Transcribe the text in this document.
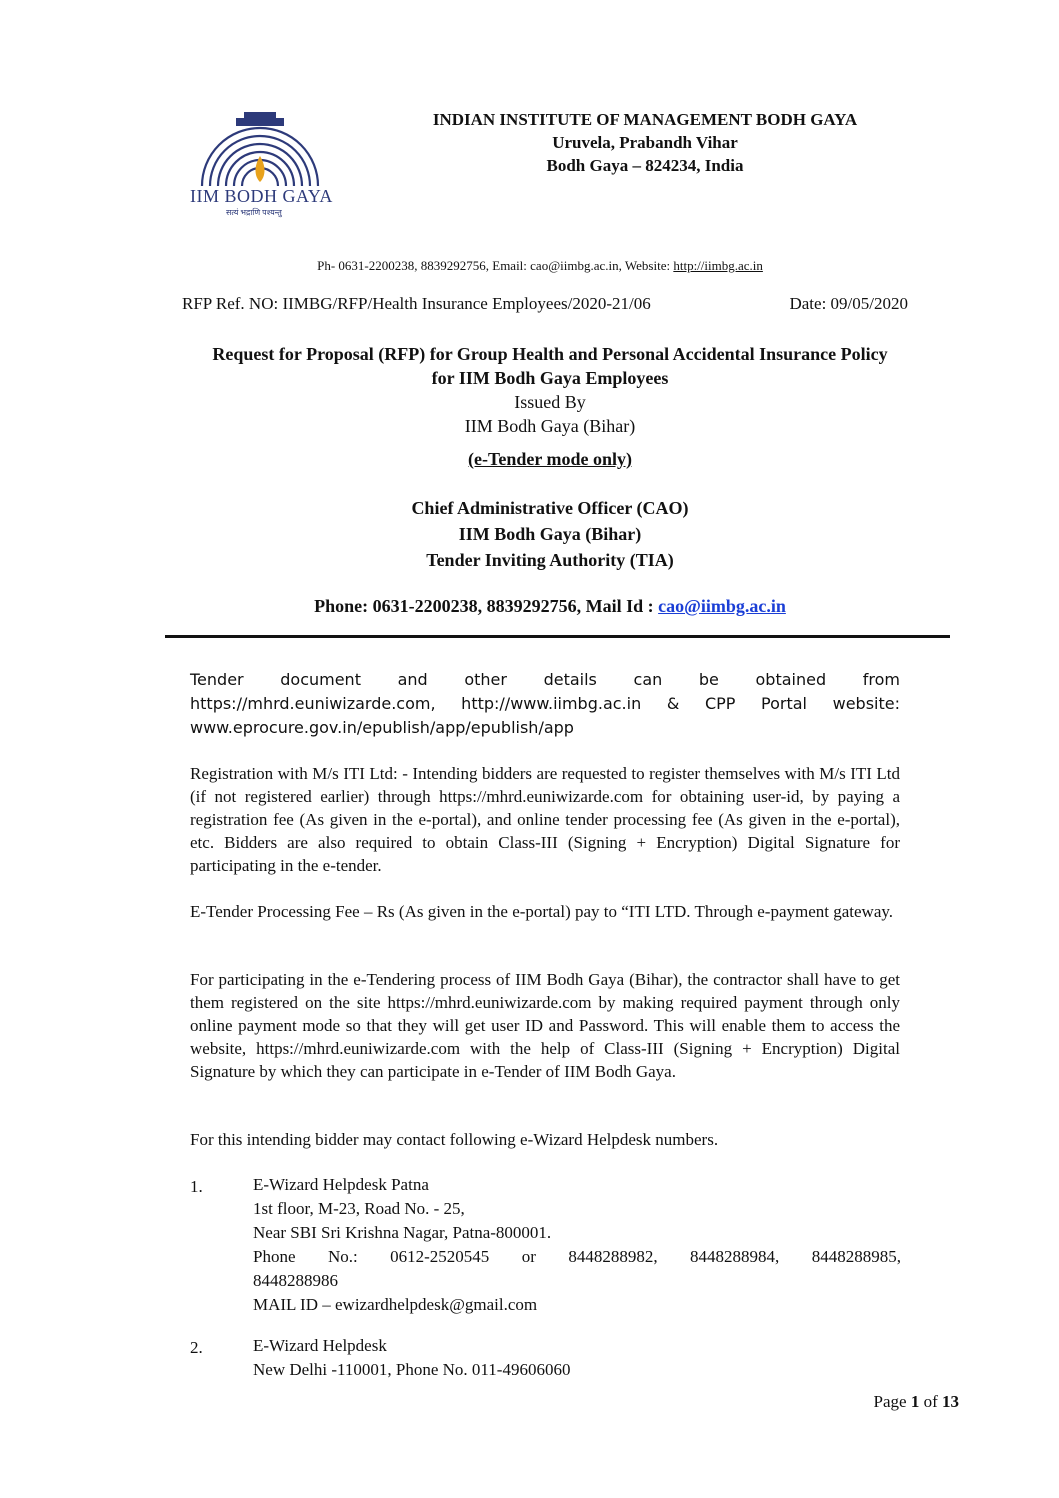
IIM BODH GAYA
सत्यं भद्राणि पश्यन्तु
INDIAN INSTITUTE OF MANAGEMENT BODH GAYA
Uruvela, Prabandh Vihar
Bodh Gaya – 824234, India
Ph- 0631-2200238, 8839292756, Email: cao@iimbg.ac.in, Website: http://iimbg.ac.in
RFP Ref. NO: IIMBG/RFP/Health Insurance Employees/2020-21/06	Date: 09/05/2020
Request for Proposal (RFP) for Group Health and Personal Accidental Insurance Policy
for IIM Bodh Gaya Employees
Issued By
IIM Bodh Gaya (Bihar)
(e-Tender mode only)
Chief Administrative Officer (CAO)
IIM Bodh Gaya (Bihar)
Tender Inviting Authority (TIA)
Phone: 0631-2200238, 8839292756, Mail Id : cao@iimbg.ac.in
Tender document and other details can be obtained from
https://mhrd.euniwizarde.com, http://www.iimbg.ac.in & CPP Portal website:
www.eprocure.gov.in/epublish/app/epublish/app
Registration with M/s ITI Ltd: - Intending bidders are requested to register themselves with M/s ITI Ltd (if not registered earlier) through https://mhrd.euniwizarde.com for obtaining user-id, by paying a registration fee (As given in the e-portal), and online tender processing fee (As given in the e-portal), etc. Bidders are also required to obtain Class-III (Signing + Encryption) Digital Signature for participating in the e-tender.
E-Tender Processing Fee – Rs (As given in the e-portal) pay to “ITI LTD. Through e-payment gateway.
For participating in the e-Tendering process of IIM Bodh Gaya (Bihar), the contractor shall have to get them registered on the site https://mhrd.euniwizarde.com by making required payment through only online payment mode so that they will get user ID and Password. This will enable them to access the website, https://mhrd.euniwizarde.com with the help of Class-III (Signing + Encryption) Digital Signature by which they can participate in e-Tender of IIM Bodh Gaya.
For this intending bidder may contact following e-Wizard Helpdesk numbers.
1.	E-Wizard Helpdesk Patna
1st floor, M-23, Road No. - 25,
Near SBI Sri Krishna Nagar, Patna-800001.
Phone No.: 0612-2520545 or 8448288982, 8448288984, 8448288985,
8448288986
MAIL ID – ewizardhelpdesk@gmail.com
2.	E-Wizard Helpdesk
New Delhi -110001, Phone No. 011-49606060
Page 1 of 13
